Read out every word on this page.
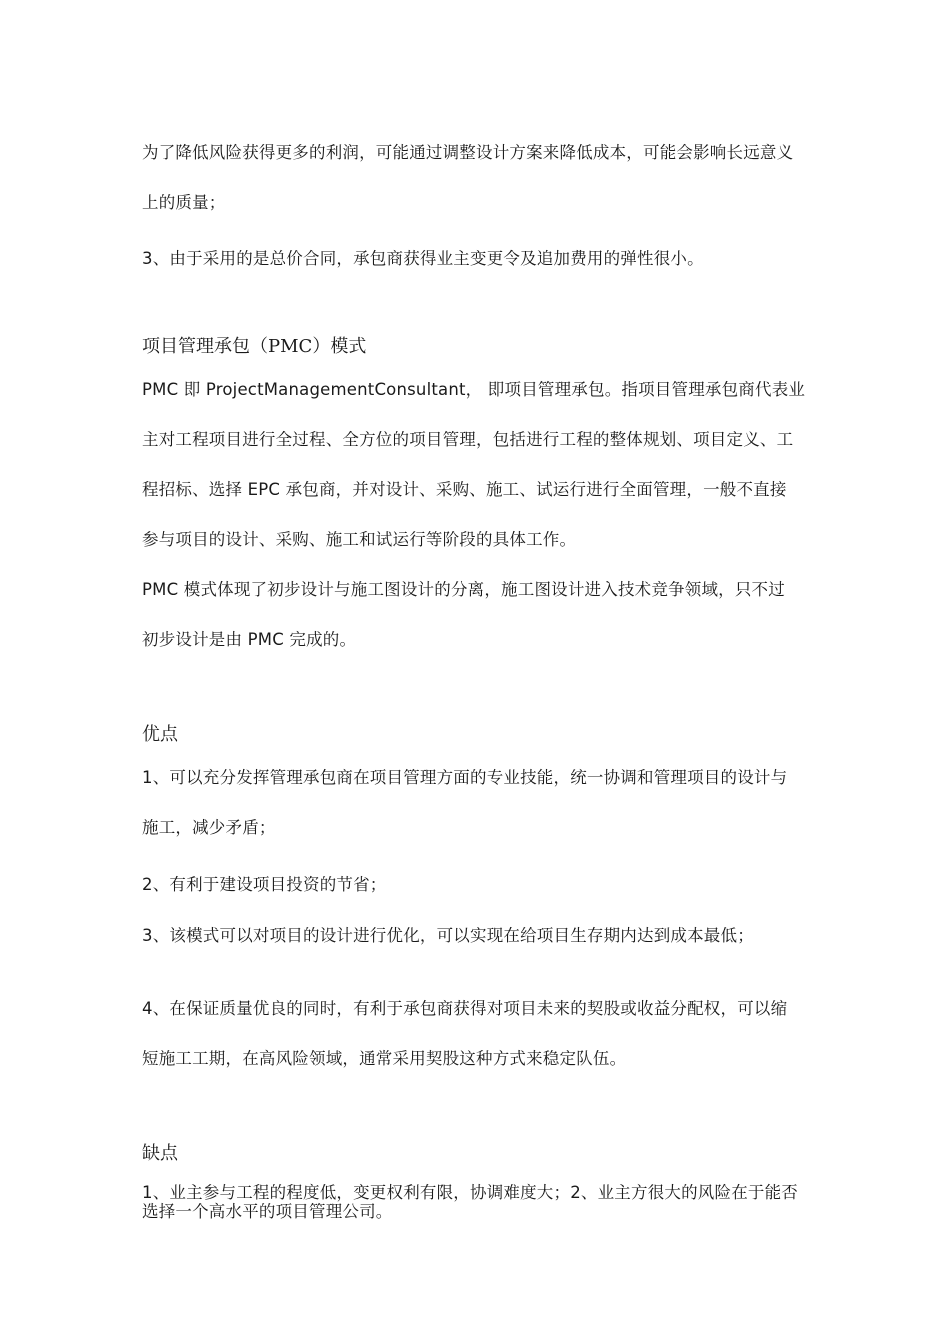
为了降低风险获得更多的利润，可能通过调整设计方案来降低成本，可能会影响长远意义
上的质量；
3、由于采用的是总价合同，承包商获得业主变更令及追加费用的弹性很小。
项目管理承包（PMC）模式
PMC 即 ProjectManagementConsultant， 即项目管理承包。指项目管理承包商代表业
主对工程项目进行全过程、全方位的项目管理，包括进行工程的整体规划、项目定义、工
程招标、选择 EPC 承包商，并对设计、采购、施工、试运行进行全面管理，一般不直接
参与项目的设计、采购、施工和试运行等阶段的具体工作。
PMC 模式体现了初步设计与施工图设计的分离，施工图设计进入技术竞争领域，只不过
初步设计是由 PMC 完成的。
优点
1、可以充分发挥管理承包商在项目管理方面的专业技能，统一协调和管理项目的设计与
施工，减少矛盾；
2、有利于建设项目投资的节省；
3、该模式可以对项目的设计进行优化，可以实现在给项目生存期内达到成本最低；
4、在保证质量优良的同时，有利于承包商获得对项目未来的契股或收益分配权，可以缩
短施工工期，在高风险领域，通常采用契股这种方式来稳定队伍。
缺点
1、业主参与工程的程度低，变更权利有限，协调难度大；2、业主方很大的风险在于能否
选择一个高水平的项目管理公司。
